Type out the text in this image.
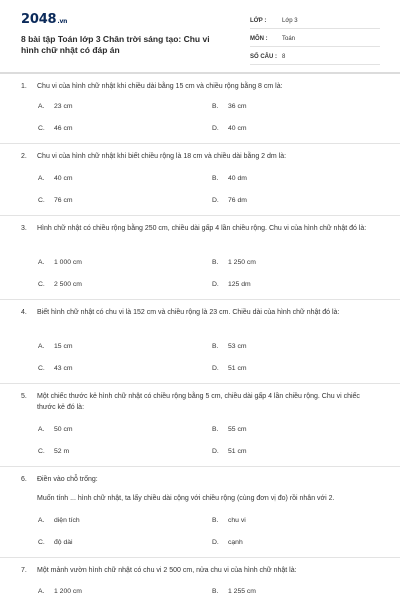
2048.vn
8 bài tập Toán lớp 3 Chân trời sáng tạo: Chu vi hình chữ nhật có đáp án
LỚP :	Lớp 3
MÔN :	Toán
SỐ CÂU : 8
1.	Chu vi của hình chữ nhật khi chiều dài bằng 15 cm và chiều rộng bằng 8 cm là:
A.	23 cm	B.	36 cm
C.	46 cm	D.	40 cm
2.	Chu vi của hình chữ nhật khi biết chiều rộng là 18 cm và chiều dài bằng 2 dm là:
A.	40 cm	B.	40 dm
C.	76 cm	D.	76 dm
3.	Hình chữ nhật có chiều rộng bằng 250 cm, chiều dài gấp 4 lần chiều rộng. Chu vi của hình chữ nhật đó là:
A.	1 000 cm	B.	1 250 cm
C.	2 500 cm	D.	125 dm
4.	Biết hình chữ nhật có chu vi là 152 cm và chiều rộng là 23 cm. Chiều dài của hình chữ nhật đó là:
A.	15 cm	B.	53 cm
C.	43 cm	D.	51 cm
5.	Một chiếc thước kẻ hình chữ nhật có chiều rộng bằng 5 cm, chiều dài gấp 4 lần chiều rộng. Chu vi chiếc thước kẻ đó là:
A.	50 cm	B.	55 cm
C.	52 m	D.	51 cm
6.	Điền vào chỗ trống:
Muốn tính ... hình chữ nhật, ta lấy chiều dài cộng với chiều rộng (cùng đơn vị đo) rồi nhân với 2.
A.	diện tích	B.	chu vi
C.	độ dài	D.	cạnh
7.	Một mảnh vườn hình chữ nhật có chu vi 2 500 cm, nửa chu vi của hình chữ nhật là:
A.	1 200 cm	B.	1 255 cm
